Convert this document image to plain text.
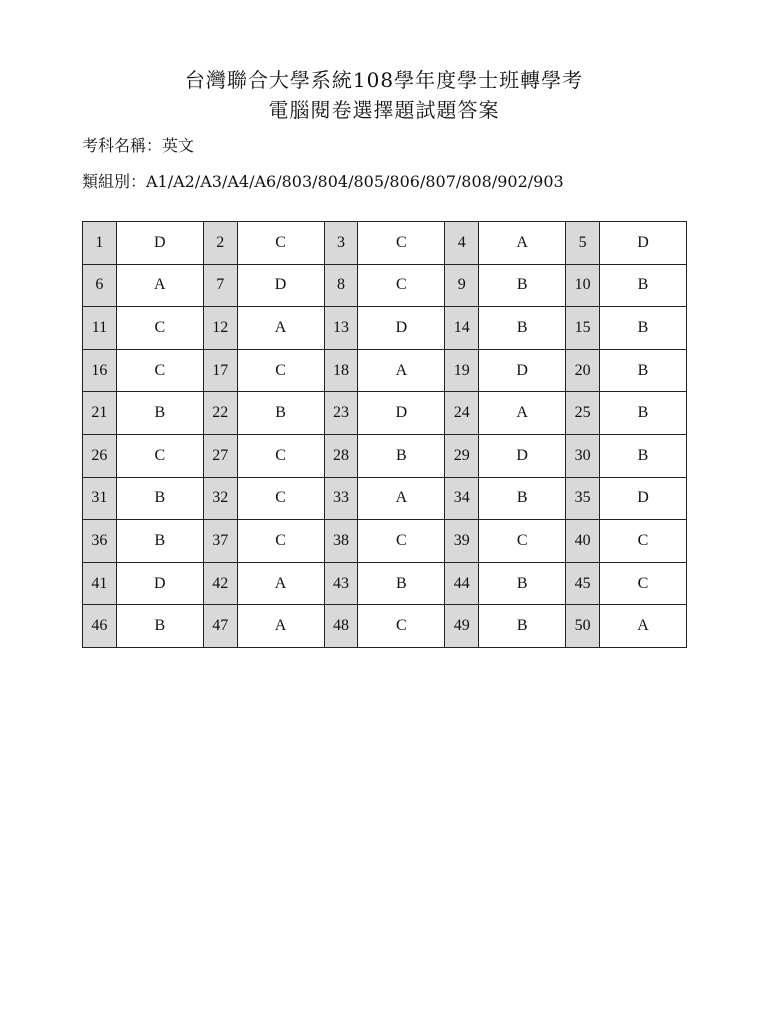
台灣聯合大學系統108學年度學士班轉學考
電腦閱卷選擇題試題答案
考科名稱：英文
類組別：A1/A2/A3/A4/A6/803/804/805/806/807/808/902/903
1	D	2	C	3	C	4	A	5	D
6	A	7	D	8	C	9	B	10	B
11	C	12	A	13	D	14	B	15	B
16	C	17	C	18	A	19	D	20	B
21	B	22	B	23	D	24	A	25	B
26	C	27	C	28	B	29	D	30	B
31	B	32	C	33	A	34	B	35	D
36	B	37	C	38	C	39	C	40	C
41	D	42	A	43	B	44	B	45	C
46	B	47	A	48	C	49	B	50	A
